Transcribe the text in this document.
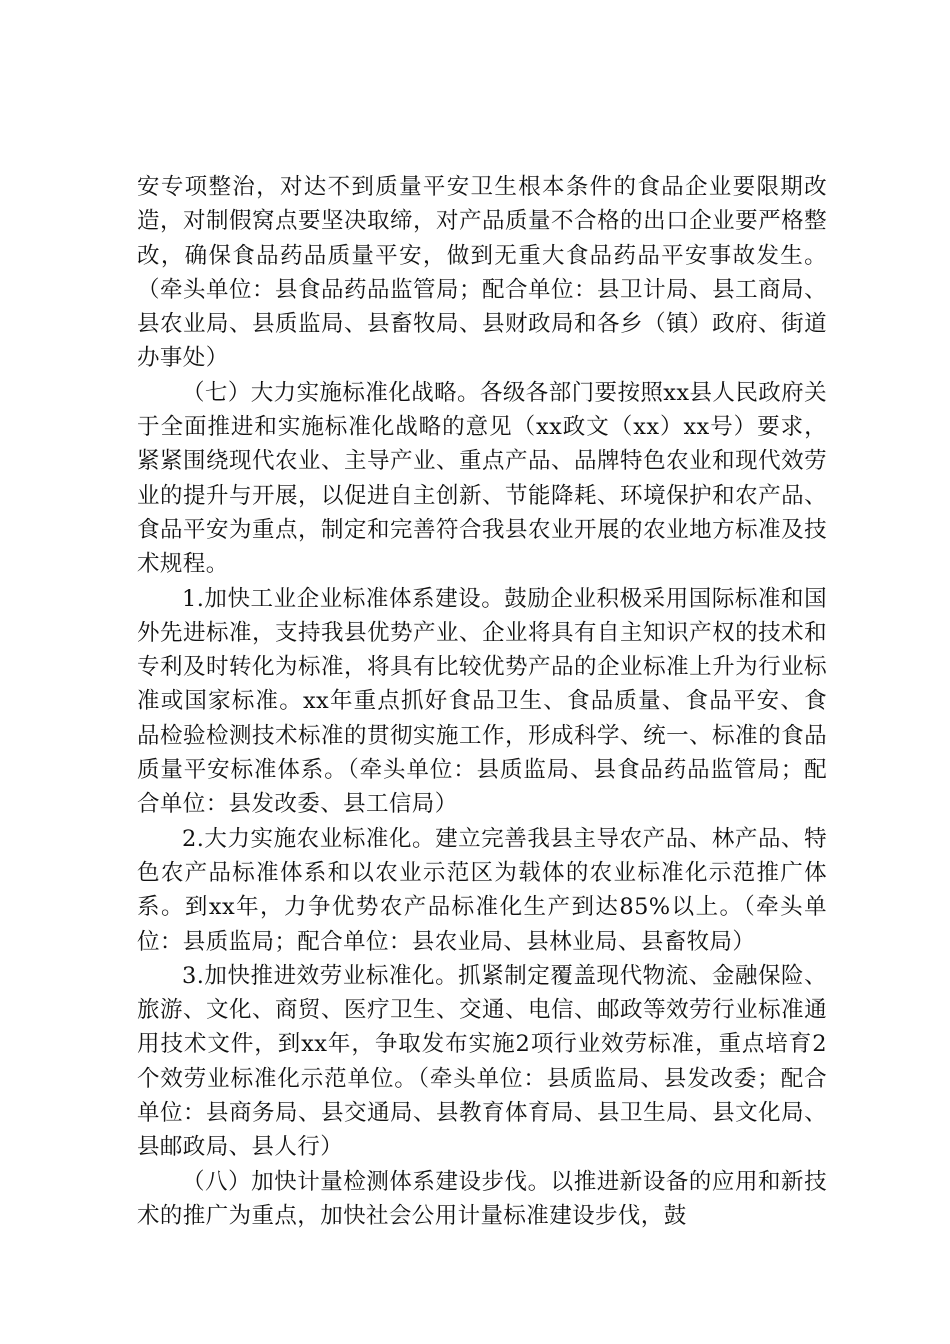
安专项整治，对达不到质量平安卫生根本条件的食品企业要限期改造，对制假窝点要坚决取缔，对产品质量不合格的出口企业要严格整改，确保食品药品质量平安，做到无重大食品药品平安事故发生。（牵头单位：县食品药品监管局；配合单位：县卫计局、县工商局、县农业局、县质监局、县畜牧局、县财政局和各乡（镇）政府、街道办事处）

（七）大力实施标准化战略。各级各部门要按照xx县人民政府关于全面推进和实施标准化战略的意见（xx政文（xx）xx号）要求，紧紧围绕现代农业、主导产业、重点产品、品牌特色农业和现代效劳业的提升与开展，以促进自主创新、节能降耗、环境保护和农产品、食品平安为重点，制定和完善符合我县农业开展的农业地方标准及技术规程。

1.加快工业企业标准体系建设。鼓励企业积极采用国际标准和国外先进标准，支持我县优势产业、企业将具有自主知识产权的技术和专利及时转化为标准，将具有比较优势产品的企业标准上升为行业标准或国家标准。xx年重点抓好食品卫生、食品质量、食品平安、食品检验检测技术标准的贯彻实施工作，形成科学、统一、标准的食品质量平安标准体系。（牵头单位：县质监局、县食品药品监管局；配合单位：县发改委、县工信局）

2.大力实施农业标准化。建立完善我县主导农产品、林产品、特色农产品标准体系和以农业示范区为载体的农业标准化示范推广体系。到xx年，力争优势农产品标准化生产到达85%以上。（牵头单位：县质监局；配合单位：县农业局、县林业局、县畜牧局）

3.加快推进效劳业标准化。抓紧制定覆盖现代物流、金融保险、旅游、文化、商贸、医疗卫生、交通、电信、邮政等效劳行业标准通用技术文件，到xx年，争取发布实施2项行业效劳标准，重点培育2个效劳业标准化示范单位。（牵头单位：县质监局、县发改委；配合单位：县商务局、县交通局、县教育体育局、县卫生局、县文化局、县邮政局、县人行）

（八）加快计量检测体系建设步伐。以推进新设备的应用和新技术的推广为重点，加快社会公用计量标准建设步伐，鼓
